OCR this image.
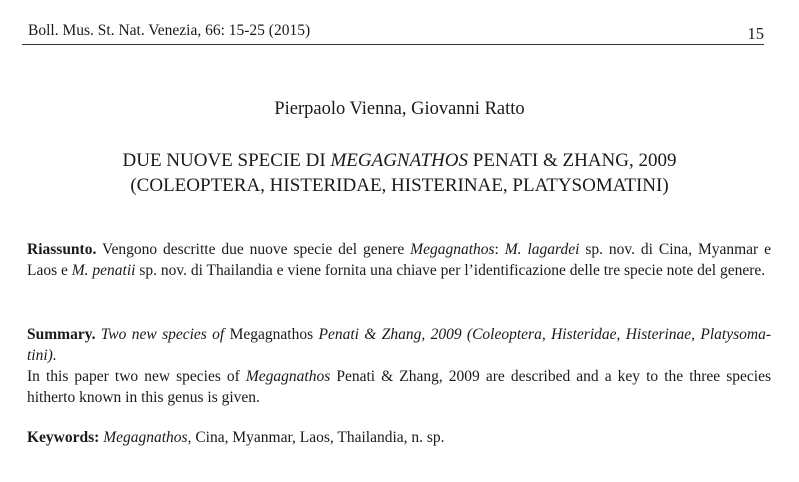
Boll. Mus. St. Nat. Venezia, 66: 15-25 (2015)	15
Pierpaolo Vienna, Giovanni Ratto
DUE NUOVE SPECIE DI MEGAGNATHOS PENATI & ZHANG, 2009
(COLEOPTERA, HISTERIDAE, HISTERINAE, PLATYSOMATINI)
Riassunto. Vengono descritte due nuove specie del genere Megagnathos: M. lagardei sp. nov. di Cina, Myanmar e Laos e M. penatii sp. nov. di Thailandia e viene fornita una chiave per l’identificazione delle tre specie note del genere.
Summary. Two new species of Megagnathos Penati & Zhang, 2009 (Coleoptera, Histeridae, Histerinae, Platysoma-tini).
In this paper two new species of Megagnathos Penati & Zhang, 2009 are described and a key to the three species hitherto known in this genus is given.
Keywords: Megagnathos, Cina, Myanmar, Laos, Thailandia, n. sp.
